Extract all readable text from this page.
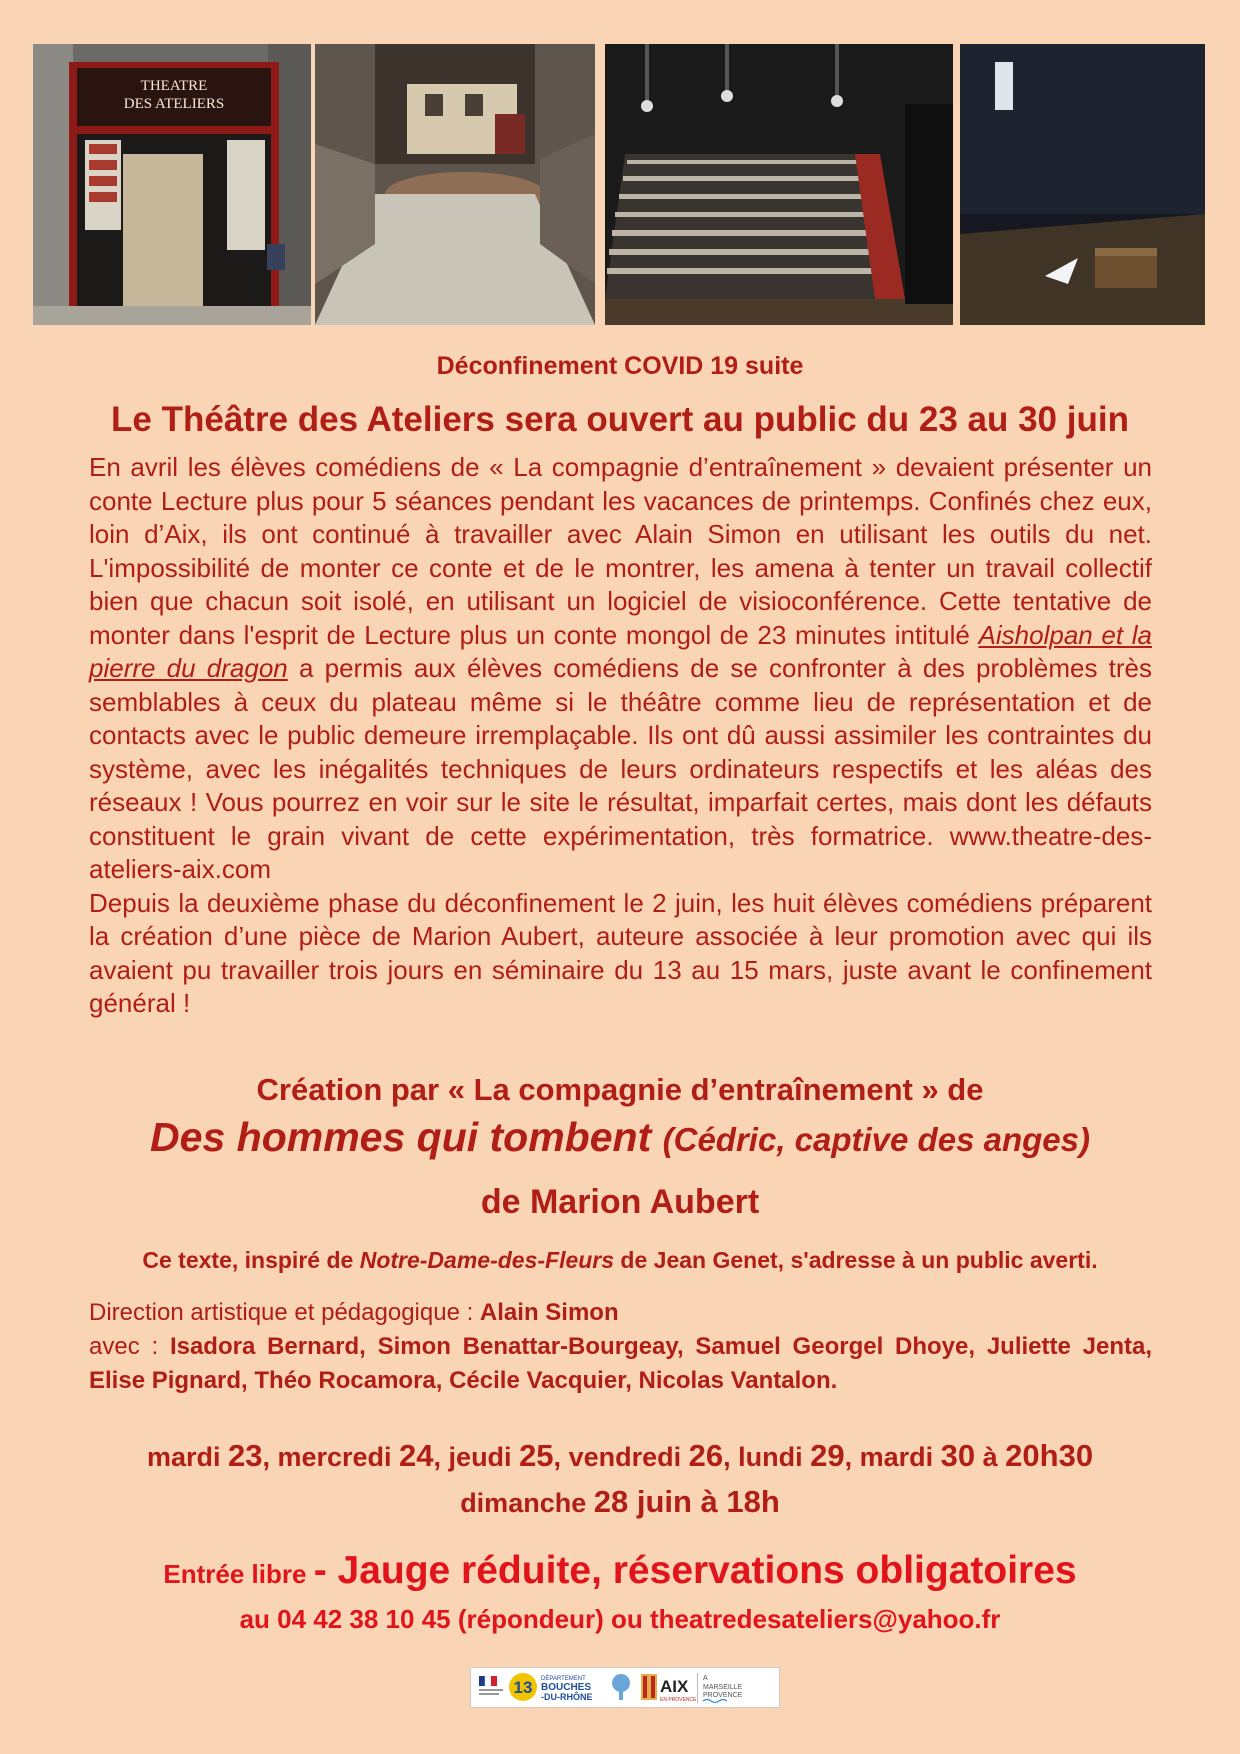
THEATRE
DES ATELIERS
Déconfinement COVID 19 suite
Le Théâtre des Ateliers sera ouvert au public du 23 au 30 juin

En avril les élèves comédiens de « La compagnie d’entraînement » devaient présenter un conte Lecture plus pour 5 séances pendant les vacances de printemps. Confinés chez eux, loin d’Aix, ils ont continué à travailler avec Alain Simon en utilisant les outils du net. L'impossibilité de monter ce conte et de le montrer, les amena à tenter un travail collectif bien que chacun soit isolé, en utilisant un logiciel de visioconférence. Cette tentative de monter dans l'esprit de Lecture plus un conte mongol de 23 minutes intitulé Aisholpan et la pierre du dragon a permis aux élèves comédiens de se confronter à des problèmes très semblables à ceux du plateau même si le théâtre comme lieu de représentation et de contacts avec le public demeure irremplaçable. Ils ont dû aussi assimiler les contraintes du système, avec les inégalités techniques de leurs ordinateurs respectifs et les aléas des réseaux ! Vous pourrez en voir sur le site le résultat, imparfait certes, mais dont les défauts constituent le grain vivant de cette expérimentation, très formatrice. www.theatre-des-ateliers-aix.com

Depuis la deuxième phase du déconfinement le 2 juin, les huit élèves comédiens préparent la création d’une pièce de Marion Aubert, auteure associée à leur promotion avec qui ils avaient pu travailler trois jours en séminaire du 13 au 15 mars, juste avant le confinement général !

Création par « La compagnie d’entraînement » de
Des hommes qui tombent (Cédric, captive des anges)
de Marion Aubert
Ce texte, inspiré de Notre-Dame-des-Fleurs de Jean Genet, s'adresse à un public averti.
Direction artistique et pédagogique : Alain Simon
avec : Isadora Bernard, Simon Benattar-Bourgeay, Samuel Georgel Dhoye, Juliette Jenta, Elise Pignard, Théo Rocamora, Cécile Vacquier, Nicolas Vantalon.
mardi 23, mercredi 24, jeudi 25, vendredi 26, lundi 29, mardi 30 à 20h30
dimanche 28 juin à 18h
Entrée libre - Jauge réduite, réservations obligatoires
au 04 42 38 10 45 (répondeur) ou theatredesateliers@yahoo.fr
13 DÉPARTEMENT
BOUCHES
-DU-RHÔNE
AIX
EN PROVENCE
A
MARSEILLE
PROVENCE
